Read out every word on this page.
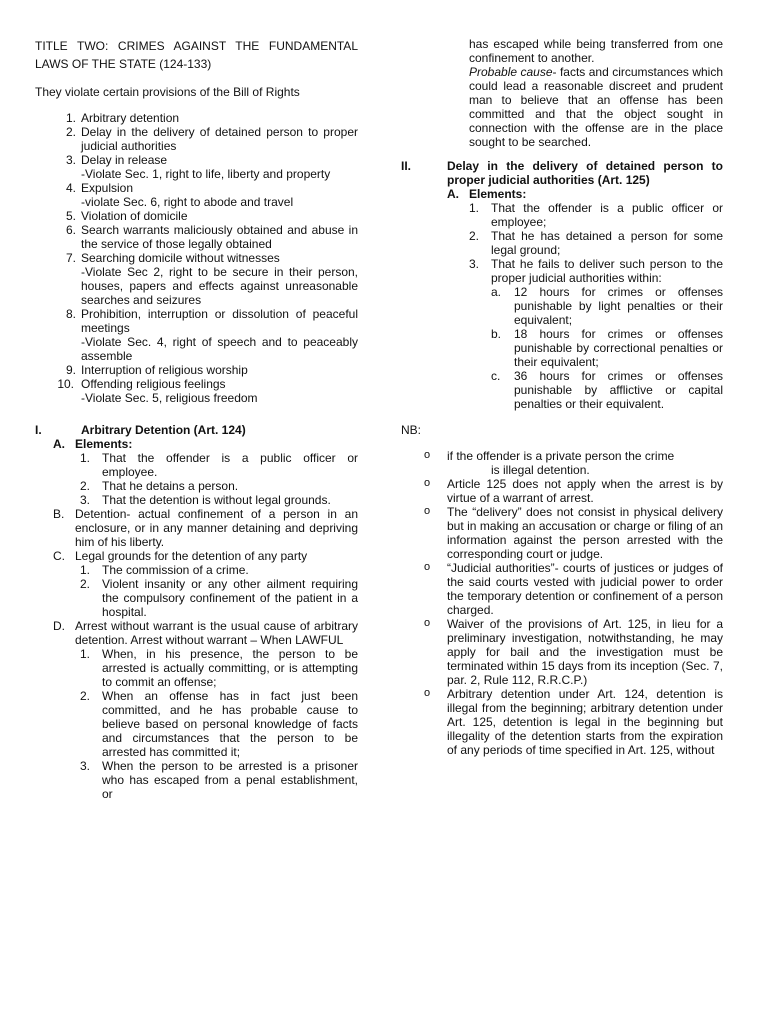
TITLE TWO: CRIMES AGAINST THE FUNDAMENTAL LAWS OF THE STATE (124-133)

They violate certain provisions of the Bill of Rights

1. Arbitrary detention
2. Delay in the delivery of detained person to proper judicial authorities
3. Delay in release
-Violate Sec. 1, right to life, liberty and property
4. Expulsion
-violate Sec. 6, right to abode and travel
5. Violation of domicile
6. Search warrants maliciously obtained and abuse in the service of those legally obtained
7. Searching domicile without witnesses
-Violate Sec 2, right to be secure in their person, houses, papers and effects against unreasonable searches and seizures
8. Prohibition, interruption or dissolution of peaceful meetings
-Violate Sec. 4, right of speech and to peaceably assemble
9. Interruption of religious worship
10. Offending religious feelings
-Violate Sec. 5, religious freedom
I.	Arbitrary Detention (Art. 124)
A. Elements:
1. That the offender is a public officer or employee.
2. That he detains a person.
3. That the detention is without legal grounds.
B. Detention- actual confinement of a person in an enclosure, or in any manner detaining and depriving him of his liberty.
C. Legal grounds for the detention of any party
1. The commission of a crime.
2. Violent insanity or any other ailment requiring the compulsory confinement of the patient in a hospital.
D. Arrest without warrant is the usual cause of arbitrary detention. Arrest without warrant – When LAWFUL
1. When, in his presence, the person to be arrested is actually committing, or is attempting to commit an offense;
2. When an offense has in fact just been committed, and he has probable cause to believe based on personal knowledge of facts and circumstances that the person to be arrested has committed it;
3. When the person to be arrested is a prisoner who has escaped from a penal establishment, or
has escaped while being transferred from one confinement to another.
Probable cause- facts and circumstances which could lead a reasonable discreet and prudent man to believe that an offense has been committed and that the object sought in connection with the offense are in the place sought to be searched.
II.	Delay in the delivery of detained person to proper judicial authorities (Art. 125)
A. Elements:
1. That the offender is a public officer or employee;
2. That he has detained a person for some legal ground;
3. That he fails to deliver such person to the proper judicial authorities within:
a. 12 hours for crimes or offenses punishable by light penalties or their equivalent;
b. 18 hours for crimes or offenses punishable by correctional penalties or their equivalent;
c. 36 hours for crimes or offenses punishable by afflictive or capital penalties or their equivalent.

NB:

o if the offender is a private person the crime
is illegal detention.
o Article 125 does not apply when the arrest is by virtue of a warrant of arrest.
o The “delivery” does not consist in physical delivery but in making an accusation or charge or filing of an information against the person arrested with the corresponding court or judge.
o “Judicial authorities”- courts of justices or judges of the said courts vested with judicial power to order the temporary detention or confinement of a person charged.
o Waiver of the provisions of Art. 125, in lieu for a preliminary investigation, notwithstanding, he may apply for bail and the investigation must be terminated within 15 days from its inception (Sec. 7, par. 2, Rule 112, R.R.C.P.)
o Arbitrary detention under Art. 124, detention is illegal from the beginning; arbitrary detention under Art. 125, detention is legal in the beginning but illegality of the detention starts from the expiration of any periods of time specified in Art. 125, without
